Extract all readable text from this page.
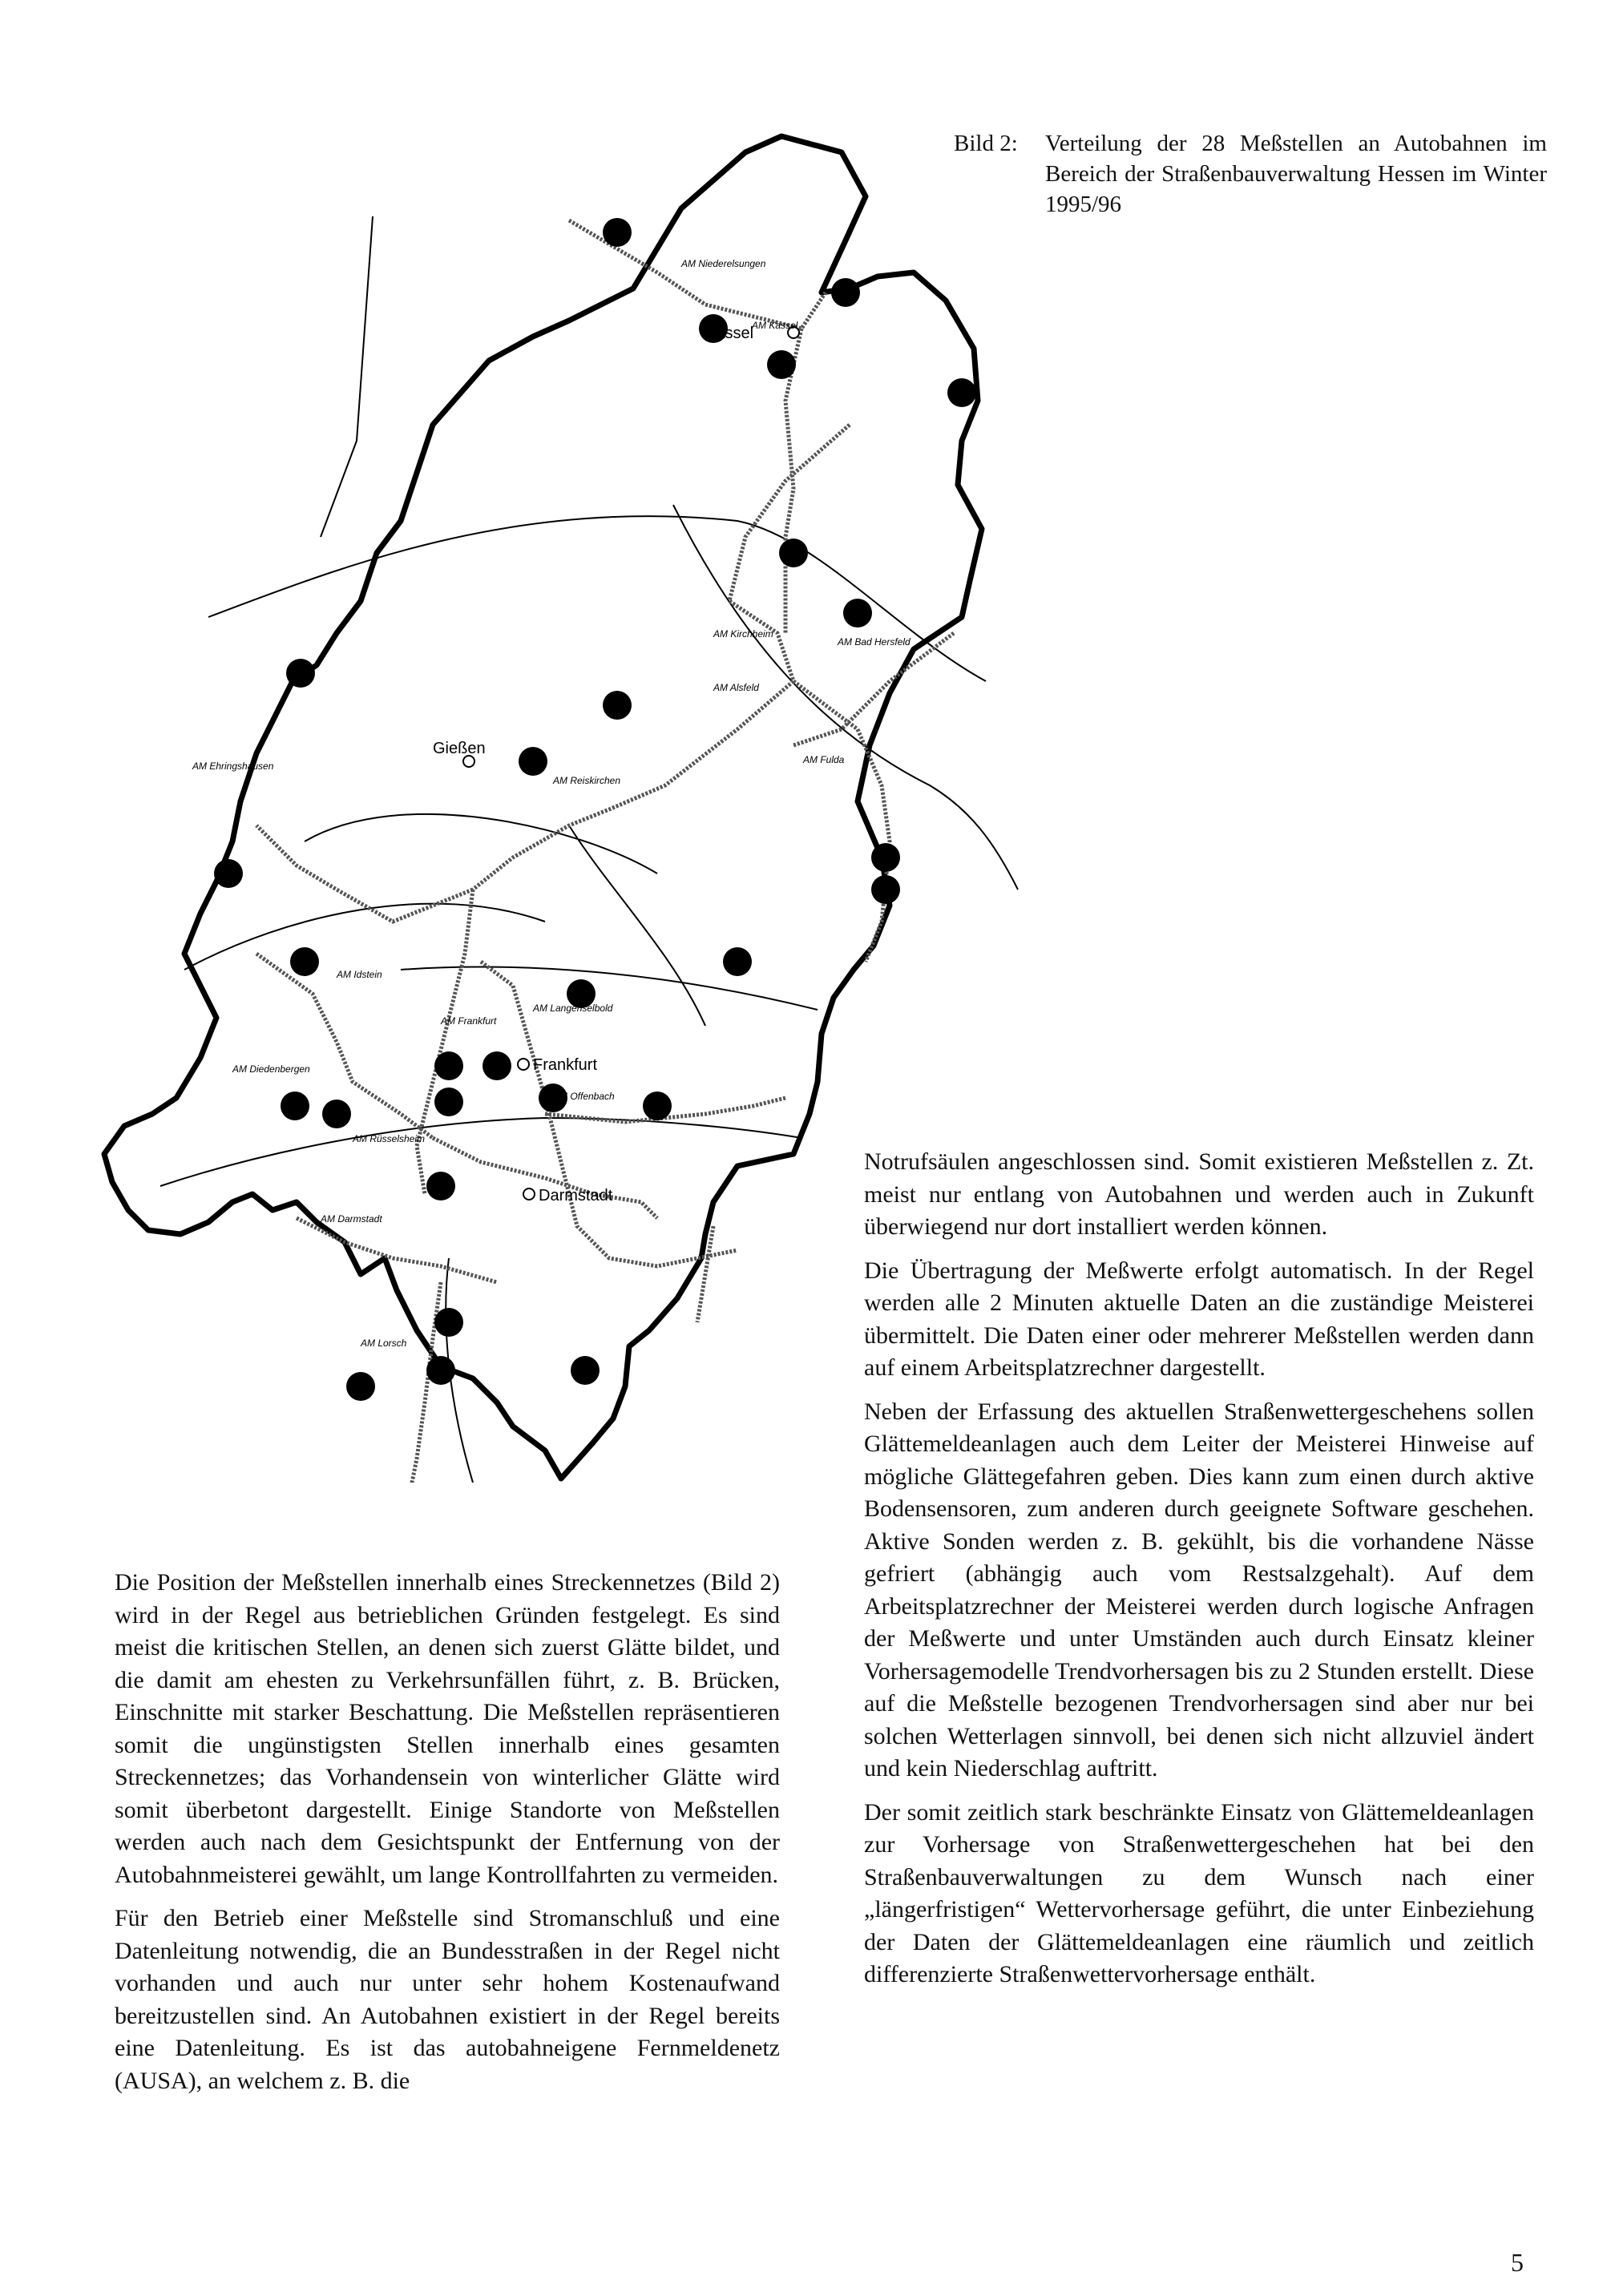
Bild 2: Verteilung der 28 Meßstellen an Autobahnen im Bereich der Straßenbauverwaltung Hessen im Winter 1995/96
Kassel
Gießen
Frankfurt
Darmstadt
AM Niederelsungen
AM Kassel
AM Kirchheim
AM Bad Hersfeld
AM Alsfeld
AM Fulda
AM Ehringshausen
AM Reiskirchen
AM Idstein
AM Frankfurt
AM Langenselbold
AM Diedenbergen
AM Offenbach
AM Rüsselsheim
AM Darmstadt
AM Lorsch

Die Position der Meßstellen innerhalb eines Streckennetzes (Bild 2) wird in der Regel aus betrieblichen Gründen festgelegt. Es sind meist die kritischen Stellen, an denen sich zuerst Glätte bildet, und die damit am ehesten zu Verkehrsunfällen führt, z. B. Brücken, Einschnitte mit starker Beschattung. Die Meßstellen repräsentieren somit die ungünstigsten Stellen innerhalb eines gesamten Streckennetzes; das Vorhandensein von winterlicher Glätte wird somit überbetont dargestellt. Einige Standorte von Meßstellen werden auch nach dem Gesichtspunkt der Entfernung von der Autobahnmeisterei gewählt, um lange Kontrollfahrten zu vermeiden.

Für den Betrieb einer Meßstelle sind Stromanschluß und eine Datenleitung notwendig, die an Bundesstraßen in der Regel nicht vorhanden und auch nur unter sehr hohem Kostenaufwand bereitzustellen sind. An Autobahnen existiert in der Regel bereits eine Datenleitung. Es ist das autobahneigene Fernmeldenetz (AUSA), an welchem z. B. die

Notrufsäulen angeschlossen sind. Somit existieren Meßstellen z. Zt. meist nur entlang von Autobahnen und werden auch in Zukunft überwiegend nur dort installiert werden können.

Die Übertragung der Meßwerte erfolgt automatisch. In der Regel werden alle 2 Minuten aktuelle Daten an die zuständige Meisterei übermittelt. Die Daten einer oder mehrerer Meßstellen werden dann auf einem Arbeitsplatzrechner dargestellt.

Neben der Erfassung des aktuellen Straßenwettergeschehens sollen Glättemeldeanlagen auch dem Leiter der Meisterei Hinweise auf mögliche Glättegefahren geben. Dies kann zum einen durch aktive Bodensensoren, zum anderen durch geeignete Software geschehen. Aktive Sonden werden z. B. gekühlt, bis die vorhandene Nässe gefriert (abhängig auch vom Restsalzgehalt). Auf dem Arbeitsplatzrechner der Meisterei werden durch logische Anfragen der Meßwerte und unter Umständen auch durch Einsatz kleiner Vorhersagemodelle Trendvorhersagen bis zu 2 Stunden erstellt. Diese auf die Meßstelle bezogenen Trendvorhersagen sind aber nur bei solchen Wetterlagen sinnvoll, bei denen sich nicht allzuviel ändert und kein Niederschlag auftritt.

Der somit zeitlich stark beschränkte Einsatz von Glättemeldeanlagen zur Vorhersage von Straßenwettergeschehen hat bei den Straßenbauverwaltungen zu dem Wunsch nach einer „längerfristigen“ Wettervorhersage geführt, die unter Einbeziehung der Daten der Glättemeldeanlagen eine räumlich und zeitlich differenzierte Straßenwettervorhersage enthält.

5
